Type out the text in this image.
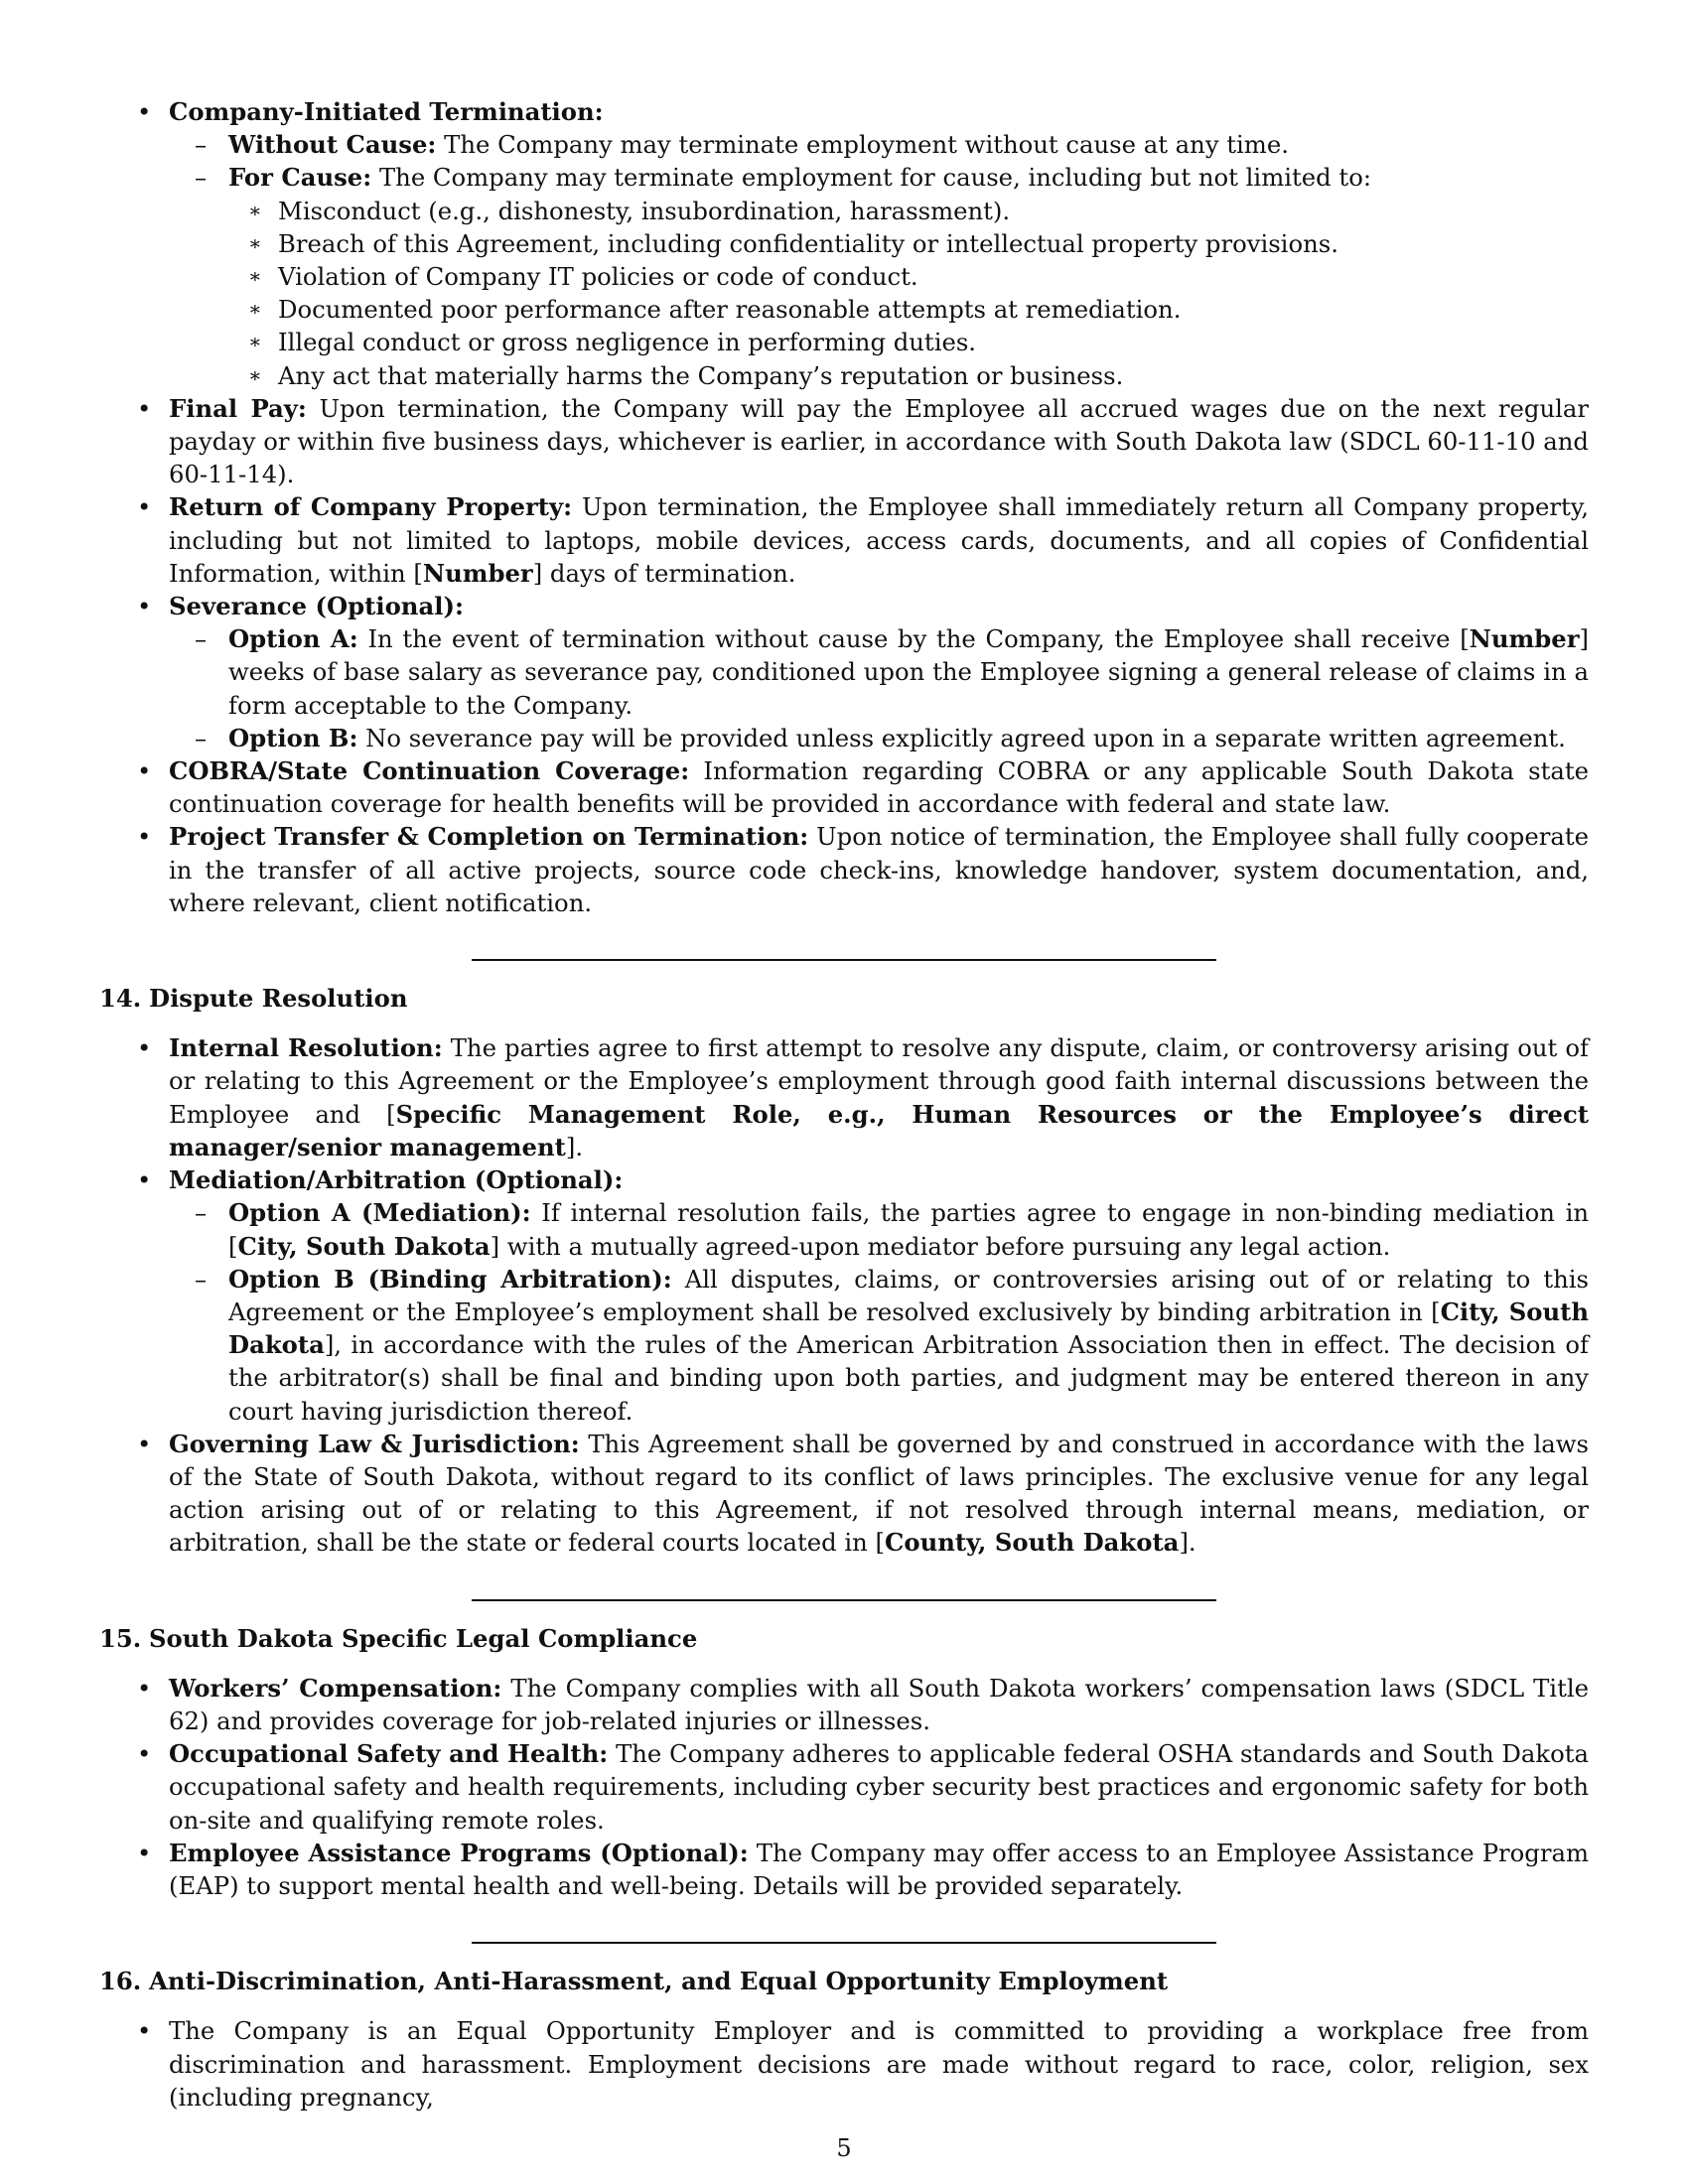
• Company-Initiated Termination:
– Without Cause: The Company may terminate employment without cause at any time.
– For Cause: The Company may terminate employment for cause, including but not limited to:
∗ Misconduct (e.g., dishonesty, insubordination, harassment).
∗ Breach of this Agreement, including confidentiality or intellectual property provisions.
∗ Violation of Company IT policies or code of conduct.
∗ Documented poor performance after reasonable attempts at remediation.
∗ Illegal conduct or gross negligence in performing duties.
∗ Any act that materially harms the Company’s reputation or business.
• Final Pay: Upon termination, the Company will pay the Employee all accrued wages due on the next regular payday or within five business days, whichever is earlier, in accordance with South Dakota law (SDCL 60-11-10 and 60-11-14).
• Return of Company Property: Upon termination, the Employee shall immediately return all Company property, including but not limited to laptops, mobile devices, access cards, documents, and all copies of Confidential Information, within [Number] days of termination.
• Severance (Optional):
– Option A: In the event of termination without cause by the Company, the Employee shall receive [Number] weeks of base salary as severance pay, conditioned upon the Employee signing a general release of claims in a form acceptable to the Company.
– Option B: No severance pay will be provided unless explicitly agreed upon in a separate written agreement.
• COBRA/State Continuation Coverage: Information regarding COBRA or any applicable South Dakota state continuation coverage for health benefits will be provided in accordance with federal and state law.
• Project Transfer & Completion on Termination: Upon notice of termination, the Employee shall fully cooperate in the transfer of all active projects, source code check-ins, knowledge handover, system documentation, and, where relevant, client notification.
14. Dispute Resolution
• Internal Resolution: The parties agree to first attempt to resolve any dispute, claim, or controversy arising out of or relating to this Agreement or the Employee’s employment through good faith internal discussions between the Employee and [Specific Management Role, e.g., Human Resources or the Employee’s direct manager/senior management].
• Mediation/Arbitration (Optional):
– Option A (Mediation): If internal resolution fails, the parties agree to engage in non-binding mediation in [City, South Dakota] with a mutually agreed-upon mediator before pursuing any legal action.
– Option B (Binding Arbitration): All disputes, claims, or controversies arising out of or relating to this Agreement or the Employee’s employment shall be resolved exclusively by binding arbitration in [City, South Dakota], in accordance with the rules of the American Arbitration Association then in effect. The decision of the arbitrator(s) shall be final and binding upon both parties, and judgment may be entered thereon in any court having jurisdiction thereof.
• Governing Law & Jurisdiction: This Agreement shall be governed by and construed in accordance with the laws of the State of South Dakota, without regard to its conflict of laws principles. The exclusive venue for any legal action arising out of or relating to this Agreement, if not resolved through internal means, mediation, or arbitration, shall be the state or federal courts located in [County, South Dakota].
15. South Dakota Specific Legal Compliance
• Workers’ Compensation: The Company complies with all South Dakota workers’ compensation laws (SDCL Title 62) and provides coverage for job-related injuries or illnesses.
• Occupational Safety and Health: The Company adheres to applicable federal OSHA standards and South Dakota occupational safety and health requirements, including cyber security best practices and ergonomic safety for both on-site and qualifying remote roles.
• Employee Assistance Programs (Optional): The Company may offer access to an Employee Assistance Program (EAP) to support mental health and well-being. Details will be provided separately.
16. Anti-Discrimination, Anti-Harassment, and Equal Opportunity Employment
• The Company is an Equal Opportunity Employer and is committed to providing a workplace free from discrimination and harassment. Employment decisions are made without regard to race, color, religion, sex (including pregnancy,
5
